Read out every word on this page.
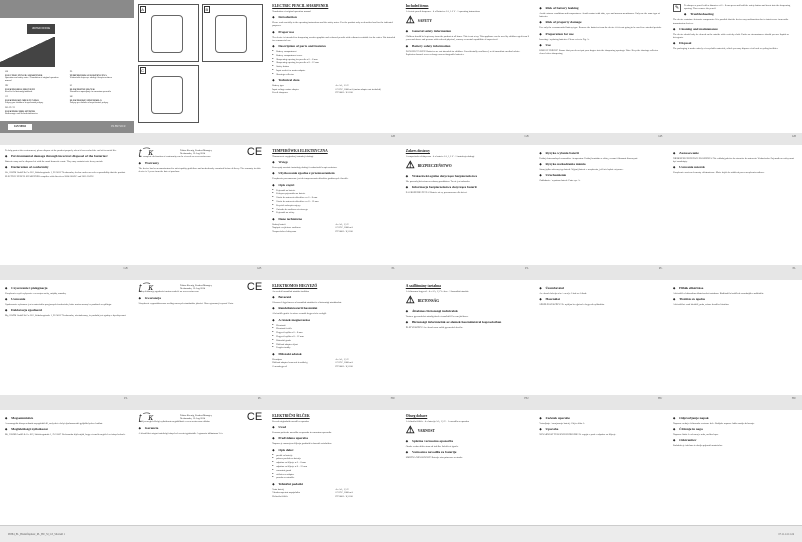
GB	GB	GB	GB
GB	GB	PL	PL	PL	PL
PL	PL	HU	HU	HU	HU
UNITED OFFICE
GB
ELECTRIC PENCIL SHARPENER
Operation and safety notes / Translation of original operation manual
PL
TEMPERÓWKA ELEKTRYCZNA
Wskazówki dotyczące obsługi i bezpieczeństwa
HU
ELEKTROMOS HEGYEZŐ
Kezelési és biztonsági utalások
SI
ELEKTRIČNI ŠILČEK
Navodila za upravljanje in varnostna opozorila
CZ
ELEKTRICKÉ OŘEZÁVÁTKO
Pokyny pro obsluhu a bezpečnostní pokyny
SK
ELEKTRICKÉ STRÚHADLO
Pokyny pre obsluhu a bezpečnostné pokyny
DE AT CH
ELEKTRISCHER SPITZER
Bedienungs- und Sicherheitshinweise
IAN 98384	PL HU SI CZ
A	B
C
ELECTRIC PENCIL SHARPENER
Translation of original operation manual
◆ Introduction
Please read carefully to the operating instructions and the safety notes. Use the product only as described and for the indicated purposes.
◆ Proper use
The device is intended for sharpening wooden graphite and coloured pencils with a diameter suitable for the cutter. Not intended for commercial use.
◆ Description of parts and features
■ Battery compartment
■ Battery compartment cover
■ Sharpening opening for pencils ø 6 – 8 mm
■ Sharpening opening for pencils ø 8 – 12 mm
■ Safety button
■ Input socket for mains adapter
■ Shavings collector
◆ Technical data
Battery type	4 x AA, 1.5 V
Input voltage mains adapter	6 V DC, 1000 mA (mains adapter not included)
Pencil sharpener	DT 0001 / 0.5 kW
Included items
1 electric pencil sharpener · 4 x Batteries AA, 1.5 V · 1 operating instructions
⚠ SAFETY
◆ General safety information
Children should be kept away from the product at all times. This is not a toy. This appliance can be used by children aged from 8 years and above and persons with reduced physical, sensory or mental capabilities if supervised.
◆ Battery safety information
DANGER TO LIFE! Batteries are not intended for children. If accidentally swallowed, seek immediate medical advice. Explosion hazard: never recharge non-rechargeable batteries.
◆ Risk of battery leaking
Avoid extreme conditions and temperatures. Avoid contact with skin, eyes and mucous membranes. Only use the same type of batteries.
◆ Risk of property damage
Use only the recommended battery type. Remove the batteries from the device if it is not going to be used for extended periods.
◆ Preparation for use
Inserting / replacing batteries. Please refer to Fig. A.
◆ Use
RISK OF INJURY! Ensure that you do not put your fingers into the sharpening openings. Note: Keep the shavings collector closed when sharpening.
✎
To sharpen a pencil with a diameter of 6 – 8 mm press and hold the safety button and insert into the sharpening opening. Then remove the pencil.
◆ Troubleshooting
The device contains electronic components. It is possible that the device may malfunction due to interference from radio transmission devices.
◆ Cleaning and maintenance
The device should only be cleaned on the outside with a soft dry cloth. Under no circumstances should you use liquids or detergents.
◆ Disposal
The packaging is made entirely of recyclable materials, which you may dispose of at local recycling facilities.
To help protect the environment, please dispose of the product properly when it has reached the end of its useful life.
◆ Environmental damage through incorrect disposal of the batteries!
Batteries may not be disposed of with the usual domestic waste. They may contain toxic heavy metals.
◆ Declaration of conformity
We, OWIM GmbH & Co. KG, Stiftsbergstraße 1, D-74167 Neckarsulm, declare under our sole responsibility that the product ELECTRIC PENCIL SHARPENER complies with directives 2004/108/EC and 2011/65/EU.
ʈ⁀ᴋ	Tobias Koenig, Product Manager, Neckarsulm, 13 Aug 2014	CE
The complete declaration of conformity can be viewed on www.owim.com
◆ Warranty
The device has been manufactured to strict quality guidelines and meticulously examined before delivery. The warranty for this device is 3 years from the date of purchase.
TEMPERÓWKA ELEKTRYCZNA
Tłumaczenie oryginalnej instrukcji obsługi
◆ Wstęp
Przeczytaj uważnie instrukcję obsługi i wskazówki bezpieczeństwa.
◆ Użytkowanie zgodne z przeznaczeniem
Urządzenie przeznaczone jest do temperowania ołówków grafitowych i kredek.
◆ Opis części
■ Pojemnik na baterie
■ Pokrywa pojemnika na baterie
■ Otwór do ostrzenia ołówków o ø 6 – 8 mm
■ Otwór do ostrzenia ołówków o ø 8 – 12 mm
■ Przycisk zabezpieczający
■ Gniazdo do zasilacza sieciowego
■ Pojemnik na wióry
◆ Dane techniczne
Rodzaj baterii	4 x AA, 1,5 V
Napięcie wejściowe zasilacza	6 V DC, 1000 mA
Temperówka elektryczna	DT 0001 / 0,5 kW
Zakres dostawy
1 temperówka elektryczna · 4 x baterie AA, 1,5 V · 1 instrukcja obsługi
⚠ BEZPIECZEŃSTWO
◆ Wskazówki ogólne dotyczące bezpieczeństwa
Nie pozwalaj dzieciom na zabawę produktem. To nie jest zabawka.
◆ Informacje bezpieczeństwa dotyczące baterii
ZAGROŻENIE ŻYCIA! Baterie nie są przeznaczone dla dzieci.
◆ Ryzyko wylania baterii
Unikaj ekstremalnych warunków i temperatur. Unikaj kontaktu ze skórą, oczami i błonami śluzowymi.
◆ Ryzyko uszkodzenia mienia
Stosuj tylko zalecany typ baterii. Wyjmij baterie z urządzenia, jeśli nie będzie używane.
◆ Uruchomienie
Zakładanie / wymiana baterii. Patrz rys. A.
◆ Zastosowanie
NIEBEZPIECZEŃSTWO ZRANIENIA! Nie wkładaj palców do otworów do ostrzenia. Wskazówka: Pojemnik na wióry musi być zamknięty.
◆ Usuwanie usterek
Urządzenie zawiera elementy elektroniczne. Może dojść do zakłóceń przez urządzenia radiowe.
◆ Czyszczenie i pielęgnacja
Urządzenie czyść wyłącznie z zewnątrz suchą, miękką szmatką.
◆ Usuwanie
Opakowanie wykonane jest z materiałów przyjaznych środowisku, które można usunąć w punktach recyklingu.
◆ Deklaracja zgodności
My, OWIM GmbH & Co. KG, Stiftsbergstraße 1, D-74167 Neckarsulm, oświadczamy, że produkt jest zgodny z dyrektywami.
ʈ⁀ᴋ	Tobias Koenig, Product Manager, Neckarsulm, 13 Aug 2014	CE
Pełną deklarację zgodności można znaleźć na www.owim.com
◆ Gwarancja
Urządzenie wyprodukowano według surowych standardów jakości. Okres gwarancji wynosi 3 lata.
ELEKTROMOS HEGYEZŐ
Az eredeti használati utasítás fordítása
◆ Bevezető
Olvassa el figyelmesen a használati utasítást és a biztonsági utasításokat.
◆ Rendeltetésszerű használat
A készülék grafit- és színes ceruzák hegyezésére szolgál.
◆ A részek megnevezése
■ Elemtartó
■ Elemtartó fedele
■ Hegyező nyílás ø 6 – 8 mm
■ Hegyező nyílás ø 8 – 12 mm
■ Biztosító gomb
■ Hálózati adapter aljzat
■ Forgács tartály
◆ Műszaki adatok
Elemtípus	4 x AA, 1,5 V
Hálózati adapter bemeneti feszültség	6 V DC, 1000 mA
Ceruzahegyező	DT 0001 / 0,5 kW
A szállítmány tartalma
1 elektromos hegyező · 4 x AA, 1,5 V elem · 1 használati utasítás
⚠ BIZTONSÁG
◆ Általános biztonsági tudnivalók
Tartsa a gyermekeket mindig távol a terméktől. Ez nem játékszer.
◆ Biztonsági információk az elemek használatával kapcsolatban
ÉLETVESZÉLY! Az elemek nem valók gyermekek kezébe.
◆ Üzembevétel
Az elemek behelyezése / cseréje. Lásd az A ábrát.
◆ Használat
SÉRÜLÉSVESZÉLY! Ne nyúljon be ujjaival a hegyező nyílásokba.
◆ Hibák elhárítása
A készülék elektronikus alkatrészeket tartalmaz. Rádióadó készülékek zavarhatják a működést.
◆ Tisztítás és ápolás
A készüléket csak kívülről, puha, száraz kendővel tisztítsa.
◆ Megsemmisítés
A csomagolás környezetbarát anyagokból áll, melyeket a helyi újrahasznosító gyűjtőhelyeken leadhat.
◆ Megfelelőségi nyilatkozat
Mi, OWIM GmbH & Co. KG, Stiftsbergstraße 1, D-74167 Neckarsulm kijelentjük, hogy a termék megfelel az irányelveknek.
ʈ⁀ᴋ	Tobias Koenig, Product Manager, Neckarsulm, 13 Aug 2014	CE
A teljes megfelelőségi nyilatkozat megtalálható a www.owim.com oldalon
◆ Garancia
A készüléket szigorú minőségi irányelvek szerint gyártották. A garancia időtartama 3 év.
ELEKTRIČNI ŠILČEK
Prevod originalnih navodil za uporabo
◆ Uvod
Pozorno preberite navodila za uporabo in varnostna opozorila.
◆ Predvidena uporaba
Naprava je namenjena šiljenju grafitnih in barvnih svinčnikov.
◆ Opis delov
■ predal za baterije
■ pokrov predala za baterije
■ odprtina za šiljenje ø 6 – 8 mm
■ odprtina za šiljenje ø 8 – 12 mm
■ varnostni gumb
■ vtičnica za adapter
■ posoda za ostružke
◆ Tehnični podatki
Vrsta baterij	4 x AA, 1,5 V
Vhodna napetost napajalnika	6 V DC, 1000 mA
Električni šilček	DT 0001 / 0,5 kW
Obseg dobave
1 električni šilček · 4 x baterija AA, 1,5 V · 1 navodila za uporabo
⚠ VARNOST
◆ Splošna varnostna opozorila
Otroke vedno držite stran od izdelka. Izdelek ni igrača.
◆ Varnostna navodila za baterije
SMRTNA NEVARNOST! Baterije niso primerne za otroke.
◆ Začetek uporabe
Vstavljanje / menjavanje baterij. Glejte sliko A.
◆ Uporaba
NEVARNOST TELESNIH POŠKODB! Ne segajte s prsti v odprtine za šiljenje.
◆ Odpravljanje napak
Naprava vsebuje elektronske sestavne dele. Radijske naprave lahko motijo delovanje.
◆ Čiščenje in nega
Napravo čistite le od zunaj s suho, mehko krpo.
◆ Odstranitev
Embalaža je izdelana iz okolju prijaznih materialov.
98384_EL_Bleistiftspitzer_PL_HU_SI_CZ_SK.indd 1	07.11.14 11:24
